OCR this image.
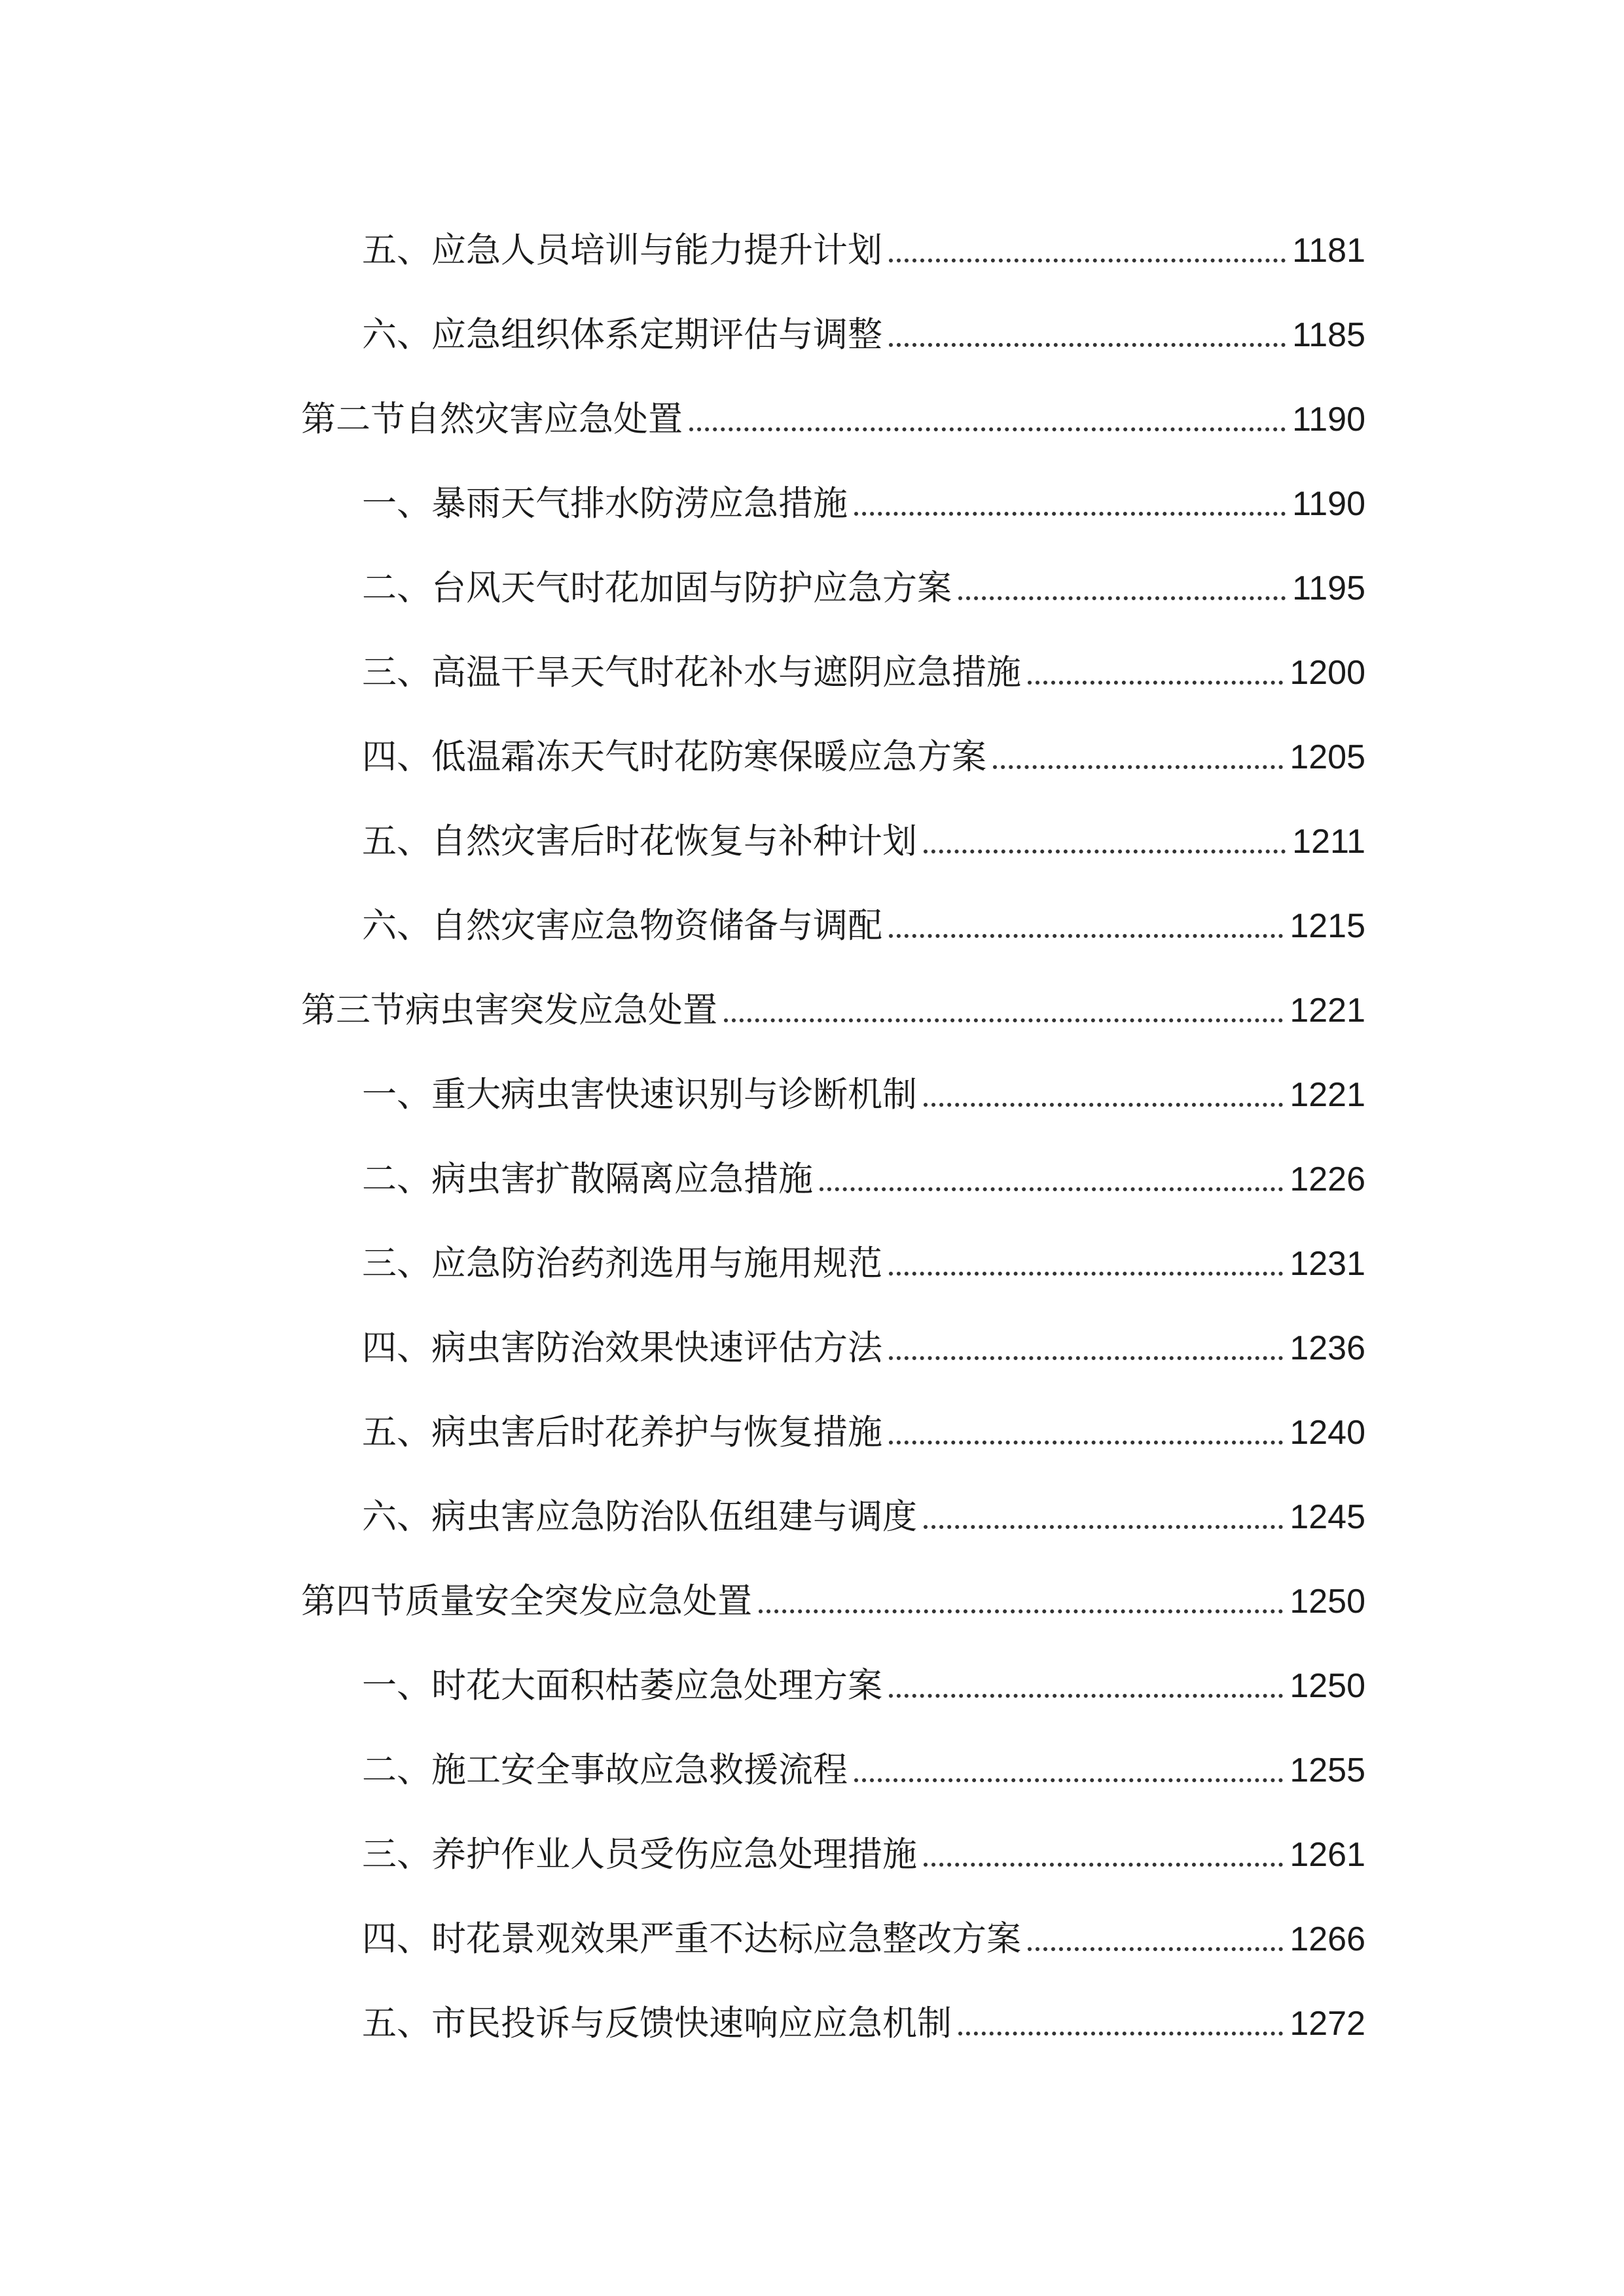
五、应急人员培训与能力提升计划	1181
六、应急组织体系定期评估与调整	1185
第二节自然灾害应急处置	1190
一、暴雨天气排水防涝应急措施	1190
二、台风天气时花加固与防护应急方案	1195
三、高温干旱天气时花补水与遮阴应急措施	1200
四、低温霜冻天气时花防寒保暖应急方案	1205
五、自然灾害后时花恢复与补种计划	1211
六、自然灾害应急物资储备与调配	1215
第三节病虫害突发应急处置	1221
一、重大病虫害快速识别与诊断机制	1221
二、病虫害扩散隔离应急措施	1226
三、应急防治药剂选用与施用规范	1231
四、病虫害防治效果快速评估方法	1236
五、病虫害后时花养护与恢复措施	1240
六、病虫害应急防治队伍组建与调度	1245
第四节质量安全突发应急处置	1250
一、时花大面积枯萎应急处理方案	1250
二、施工安全事故应急救援流程	1255
三、养护作业人员受伤应急处理措施	1261
四、时花景观效果严重不达标应急整改方案	1266
五、市民投诉与反馈快速响应应急机制	1272
